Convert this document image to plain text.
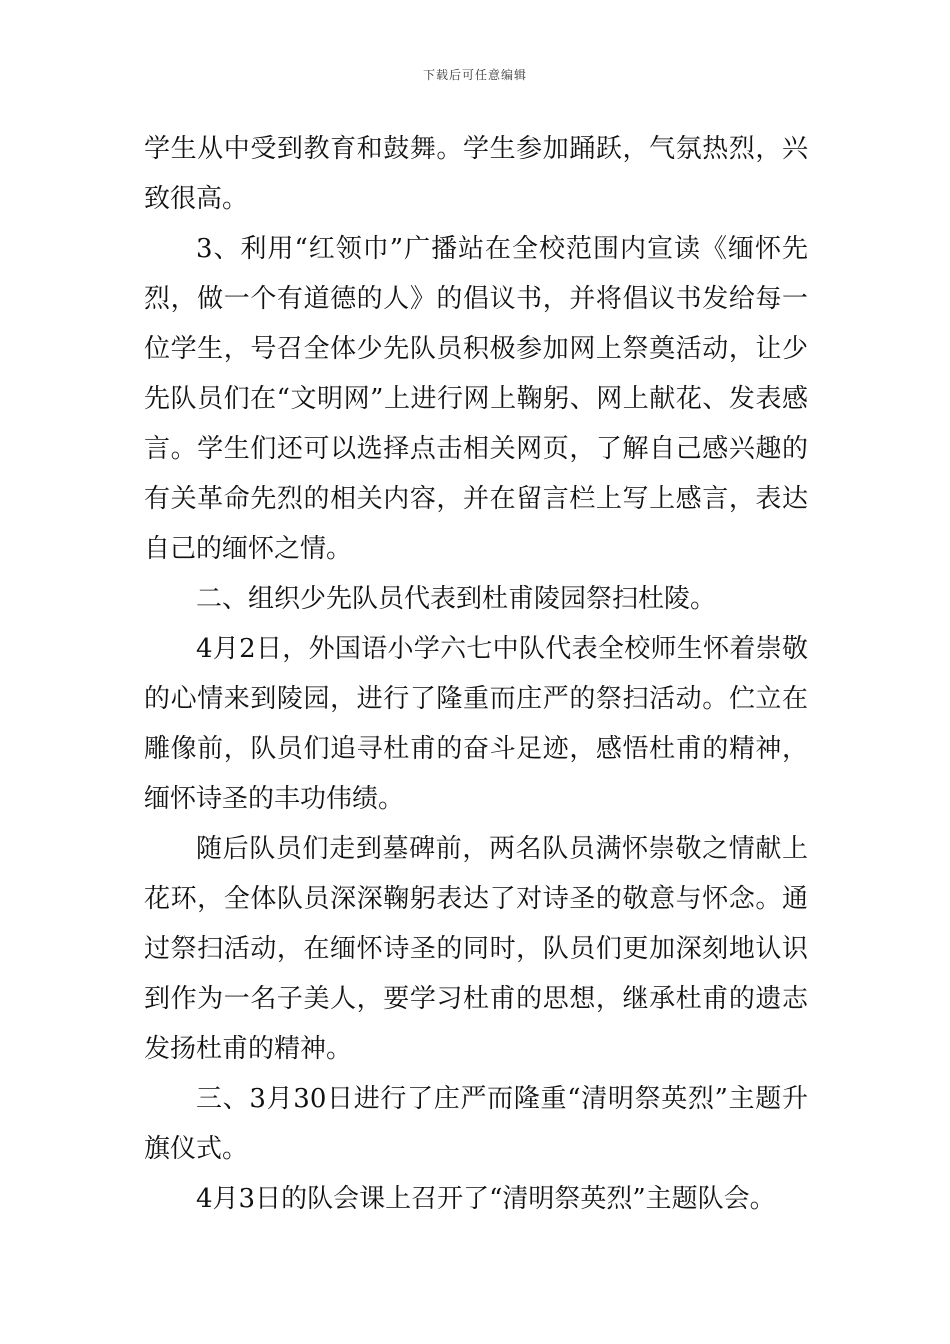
下载后可任意编辑

学生从中受到教育和鼓舞。学生参加踊跃，气氛热烈，兴致很高。

3、利用“红领巾”广播站在全校范围内宣读《缅怀先烈，做一个有道德的人》的倡议书，并将倡议书发给每一位学生，号召全体少先队员积极参加网上祭奠活动，让少先队员们在“文明网”上进行网上鞠躬、网上献花、发表感言。学生们还可以选择点击相关网页，了解自己感兴趣的有关革命先烈的相关内容，并在留言栏上写上感言，表达自己的缅怀之情。

二、组织少先队员代表到杜甫陵园祭扫杜陵。

4月2日，外国语小学六七中队代表全校师生怀着崇敬的心情来到陵园，进行了隆重而庄严的祭扫活动。伫立在雕像前，队员们追寻杜甫的奋斗足迹，感悟杜甫的精神，缅怀诗圣的丰功伟绩。

随后队员们走到墓碑前，两名队员满怀崇敬之情献上花环，全体队员深深鞠躬表达了对诗圣的敬意与怀念。通过祭扫活动，在缅怀诗圣的同时，队员们更加深刻地认识到作为一名子美人，要学习杜甫的思想，继承杜甫的遗志发扬杜甫的精神。

三、3月30日进行了庄严而隆重“清明祭英烈”主题升旗仪式。

4月3日的队会课上召开了“清明祭英烈”主题队会。
